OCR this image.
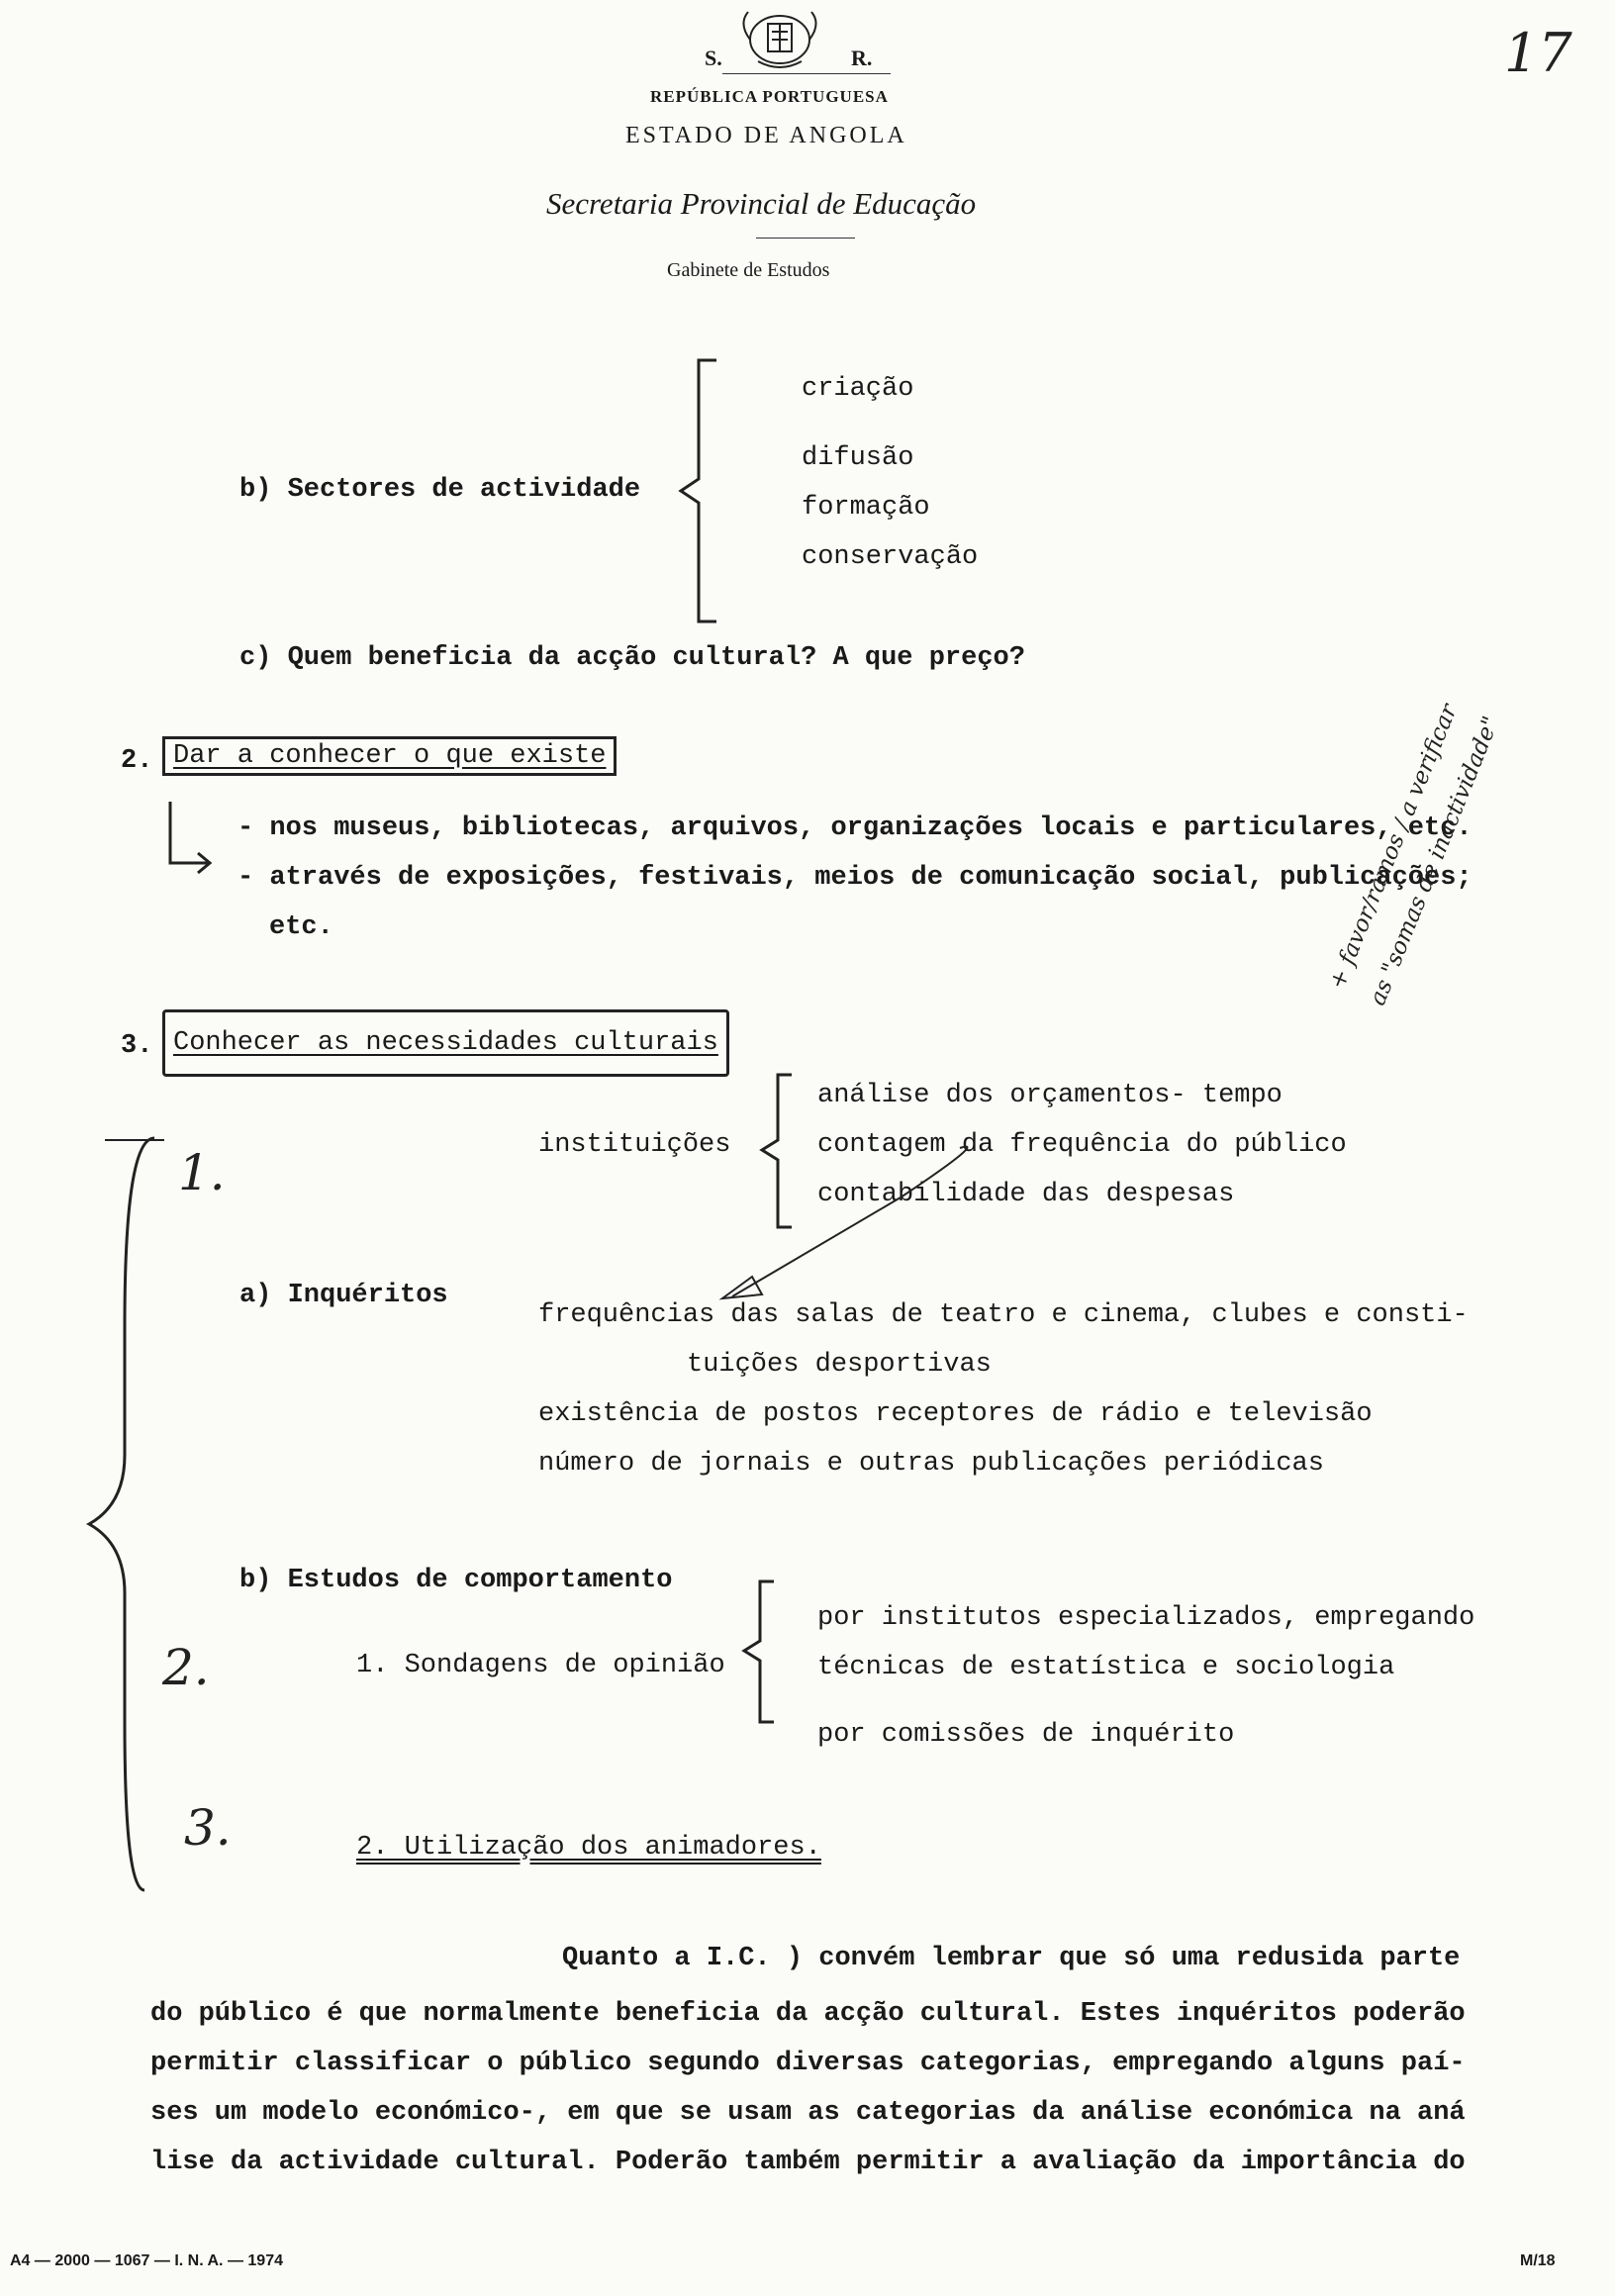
S.	R.
REPÚBLICA PORTUGUESA
ESTADO DE ANGOLA
Secretaria Provincial de Educação
Gabinete de Estudos
17
b) Sectores de actividade
criação
difusão
formação
conservação
c) Quem beneficia da acção cultural? A que preço?
2. Dar a conhecer o que existe
- nos museus, bibliotecas, arquivos, organizações locais e particulares, etc.
- através de exposições, festivais, meios de comunicação social, publicações;
etc.
3. Conhecer as necessidades culturais
instituições
análise dos orçamentos- tempo
contagem da frequência do público
contabilidade das despesas
a) Inquéritos
frequências das salas de teatro e cinema, clubes e consti-
tuições desportivas
existência de postos receptores de rádio e televisão
número de jornais e outras publicações periódicas
b) Estudos de comportamento
1. Sondagens de opinião
por institutos especializados, empregando
técnicas de estatística e sociologia
por comissões de inquérito
2. Utilização dos animadores.
1.
2.
3.
+ favor/ramos / a verificar as "somas de inactividade"
Quanto a I.C. ) convém lembrar que só uma redusida parte
do público é que normalmente beneficia da acção cultural. Estes inquéritos poderão
permitir classificar o público segundo diversas categorias, empregando alguns paí-
ses um modelo económico-, em que se usam as categorias da análise económica na aná
lise da actividade cultural. Poderão também permitir a avaliação da importância do
A4 — 2000 — 1067 — I. N. A. — 1974	M/18
